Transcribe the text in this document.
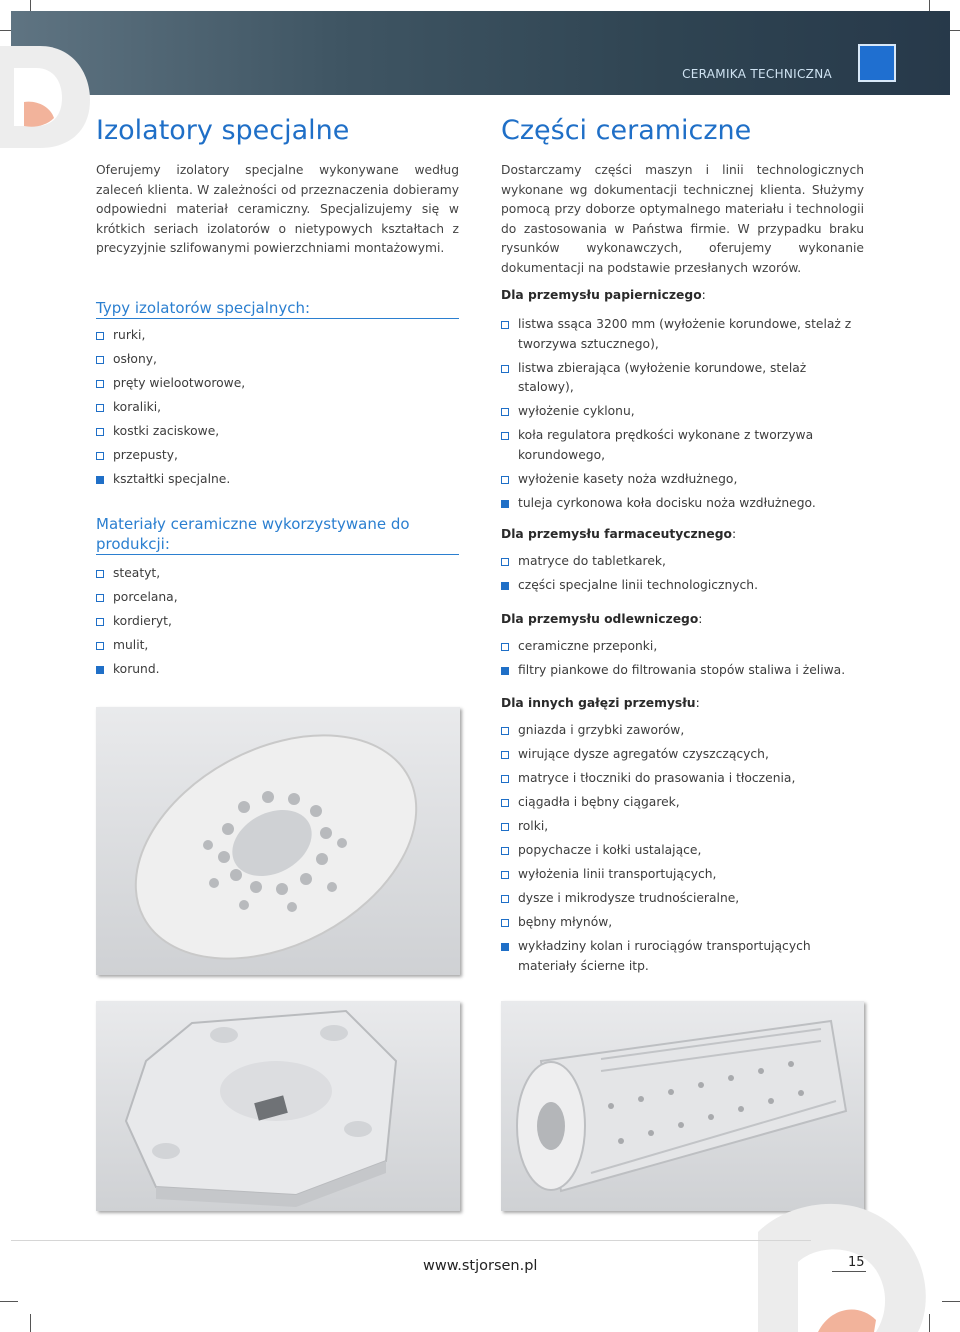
CERAMIKA TECHNICZNA
Izolatory specjalne
Oferujemy izolatory specjalne wykonywane według zaleceń klienta. W zależności od przeznaczenia dobieramy odpowiedni materiał ceramiczny. Specjalizujemy się w krótkich seriach izolatorów o nietypowych kształtach z precyzyjnie szlifowanymi powierzchniami montażowymi.
Typy izolatorów specjalnych:
rurki,
osłony,
pręty wielootworowe,
koraliki,
kostki zaciskowe,
przepusty,
kształtki specjalne.
Materiały ceramiczne wykorzystywane do produkcji:
steatyt,
porcelana,
kordieryt,
mulit,
korund.
Części ceramiczne
Dostarczamy części maszyn i linii technologicznych wykonane wg dokumentacji technicznej klienta. Służymy pomocą przy doborze optymalnego materiału i technologii do zastosowania w Państwa firmie. W przypadku braku rysunków wykonawczych, oferujemy wykonanie dokumentacji na podstawie przesłanych wzorów.
Dla przemysłu papierniczego:
listwa ssąca 3200 mm (wyłożenie korundowe, stelaż z tworzywa sztucznego),
listwa zbierająca (wyłożenie korundowe, stelaż stalowy),
wyłożenie cyklonu,
koła regulatora prędkości wykonane z tworzywa korundowego,
wyłożenie kasety noża wzdłużnego,
tuleja cyrkonowa koła docisku noża wzdłużnego.
Dla przemysłu farmaceutycznego:
matryce do tabletkarek,
części specjalne linii technologicznych.
Dla przemysłu odlewniczego:
ceramiczne przeponki,
filtry piankowe do filtrowania stopów staliwa i żeliwa.
Dla innych gałęzi przemysłu:
gniazda i grzybki zaworów,
wirujące dysze agregatów czyszczących,
matryce i tłoczniki do prasowania i tłoczenia,
ciągadła i bębny ciągarek,
rolki,
popychacze i kołki ustalające,
wyłożenia linii transportujących,
dysze i mikrodysze trudnościeralne,
bębny młynów,
wykładziny kolan i rurociągów transportujących materiały ścierne itp.
www.stjorsen.pl	15
